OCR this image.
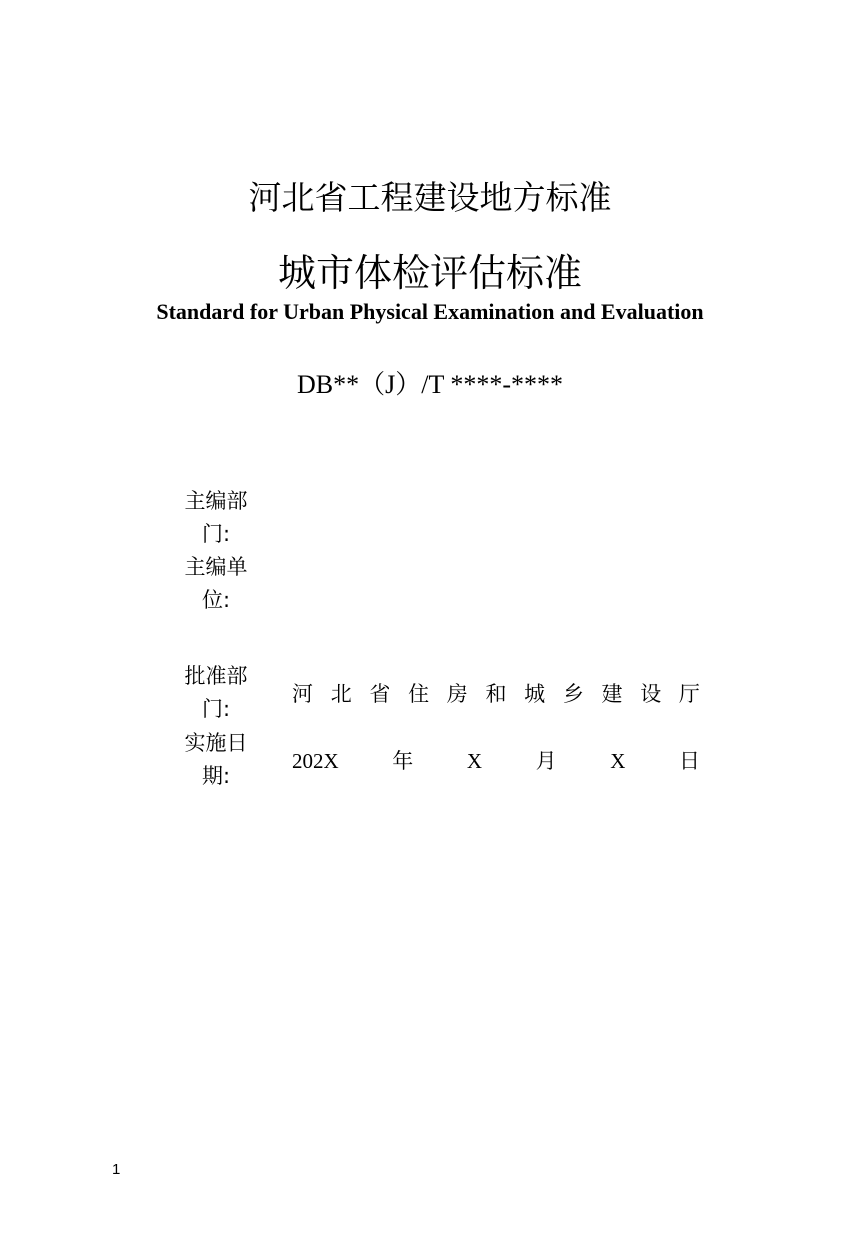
河北省工程建设地方标准
城市体检评估标准
Standard for Urban Physical Examination and Evaluation
DB**（J）/T ****-****
主编部门:
主编单位:
批准部门:
河 北 省 住 房 和 城 乡 建 设 厅
实施日期:
202X	年	X	月	X	日
1
